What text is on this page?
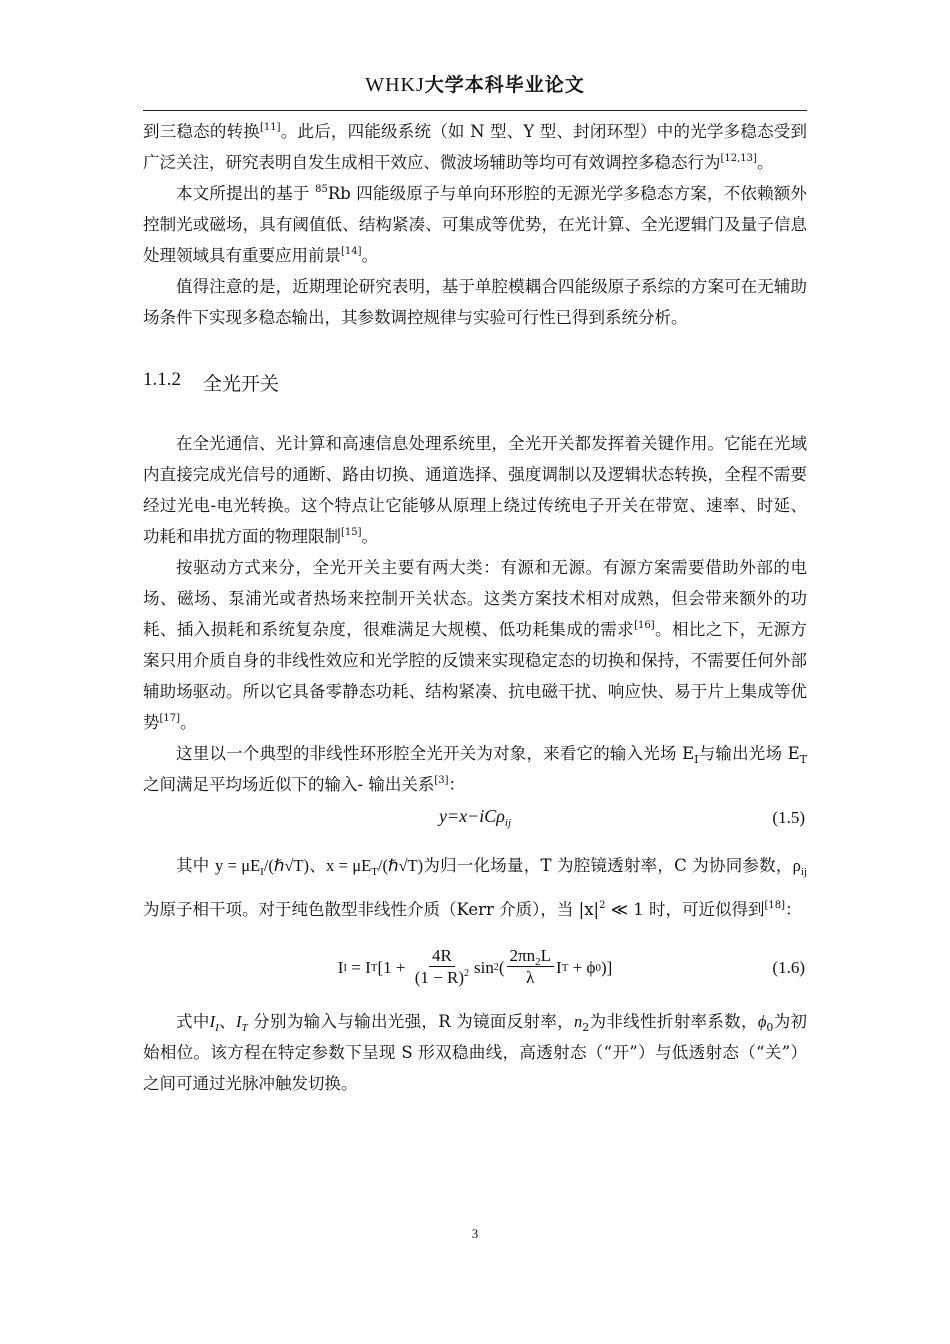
WHKJ大学本科毕业论文

到三稳态的转换[11]。此后，四能级系统（如 N 型、Y 型、封闭环型）中的光学多稳态受到广泛关注，研究表明自发生成相干效应、微波场辅助等均可有效调控多稳态行为[12,13]。

本文所提出的基于 $^{85}$Rb 四能级原子与单向环形腔的无源光学多稳态方案，不依赖额外控制光或磁场，具有阈值低、结构紧凑、可集成等优势，在光计算、全光逻辑门及量子信息处理领域具有重要应用前景[14]。

值得注意的是，近期理论研究表明，基于单腔模耦合四能级原子系综的方案可在无辅助场条件下实现多稳态输出，其参数调控规律与实验可行性已得到系统分析。

1.1.2 全光开关

在全光通信、光计算和高速信息处理系统里，全光开关都发挥着关键作用。它能在光域内直接完成光信号的通断、路由切换、通道选择、强度调制以及逻辑状态转换，全程不需要经过光电-电光转换。这个特点让它能够从原理上绕过传统电子开关在带宽、速率、时延、功耗和串扰方面的物理限制[15]。

按驱动方式来分，全光开关主要有两大类：有源和无源。有源方案需要借助外部的电场、磁场、泵浦光或者热场来控制开关状态。这类方案技术相对成熟，但会带来额外的功耗、插入损耗和系统复杂度，很难满足大规模、低功耗集成的需求[16]。相比之下，无源方案只用介质自身的非线性效应和光学腔的反馈来实现稳定态的切换和保持，不需要任何外部辅助场驱动。所以它具备零静态功耗、结构紧凑、抗电磁干扰、响应快、易于片上集成等优势[17]。

这里以一个典型的非线性环形腔全光开关为对象，来看它的输入光场 $E_I$与输出光场 $E_T$之间满足平均场近似下的输入- 输出关系[3]：

y=x−iCρ$_{ij}$	(1.5)

其中 $y = \mu E_I/(\hbar√T)$、$x = \mu E_T/(\hbar√T)$为归一化场量，T 为腔镜透射率，C 为协同参数，$\rho_{ij}$为原子相干项。对于纯色散型非线性介质（Kerr 介质），当 $|x|^2$ ≪ 1 时，可近似得到[18]：

I I = I T [$1 + \frac{4R}{(1 - R)^2}$ sin 2 ( $\frac{2\pi n_2L}{\lambda}$ I T + ϕ 0 )]	(1.6)

式中$I_I$、$I_T$ 分别为输入与输出光强，R 为镜面反射率，$n_2$为非线性折射率系数，$\phi_0$为初始相位。该方程在特定参数下呈现 S 形双稳曲线，高透射态（“开”）与低透射态（“关”）之间可通过光脉冲触发切换。

3
